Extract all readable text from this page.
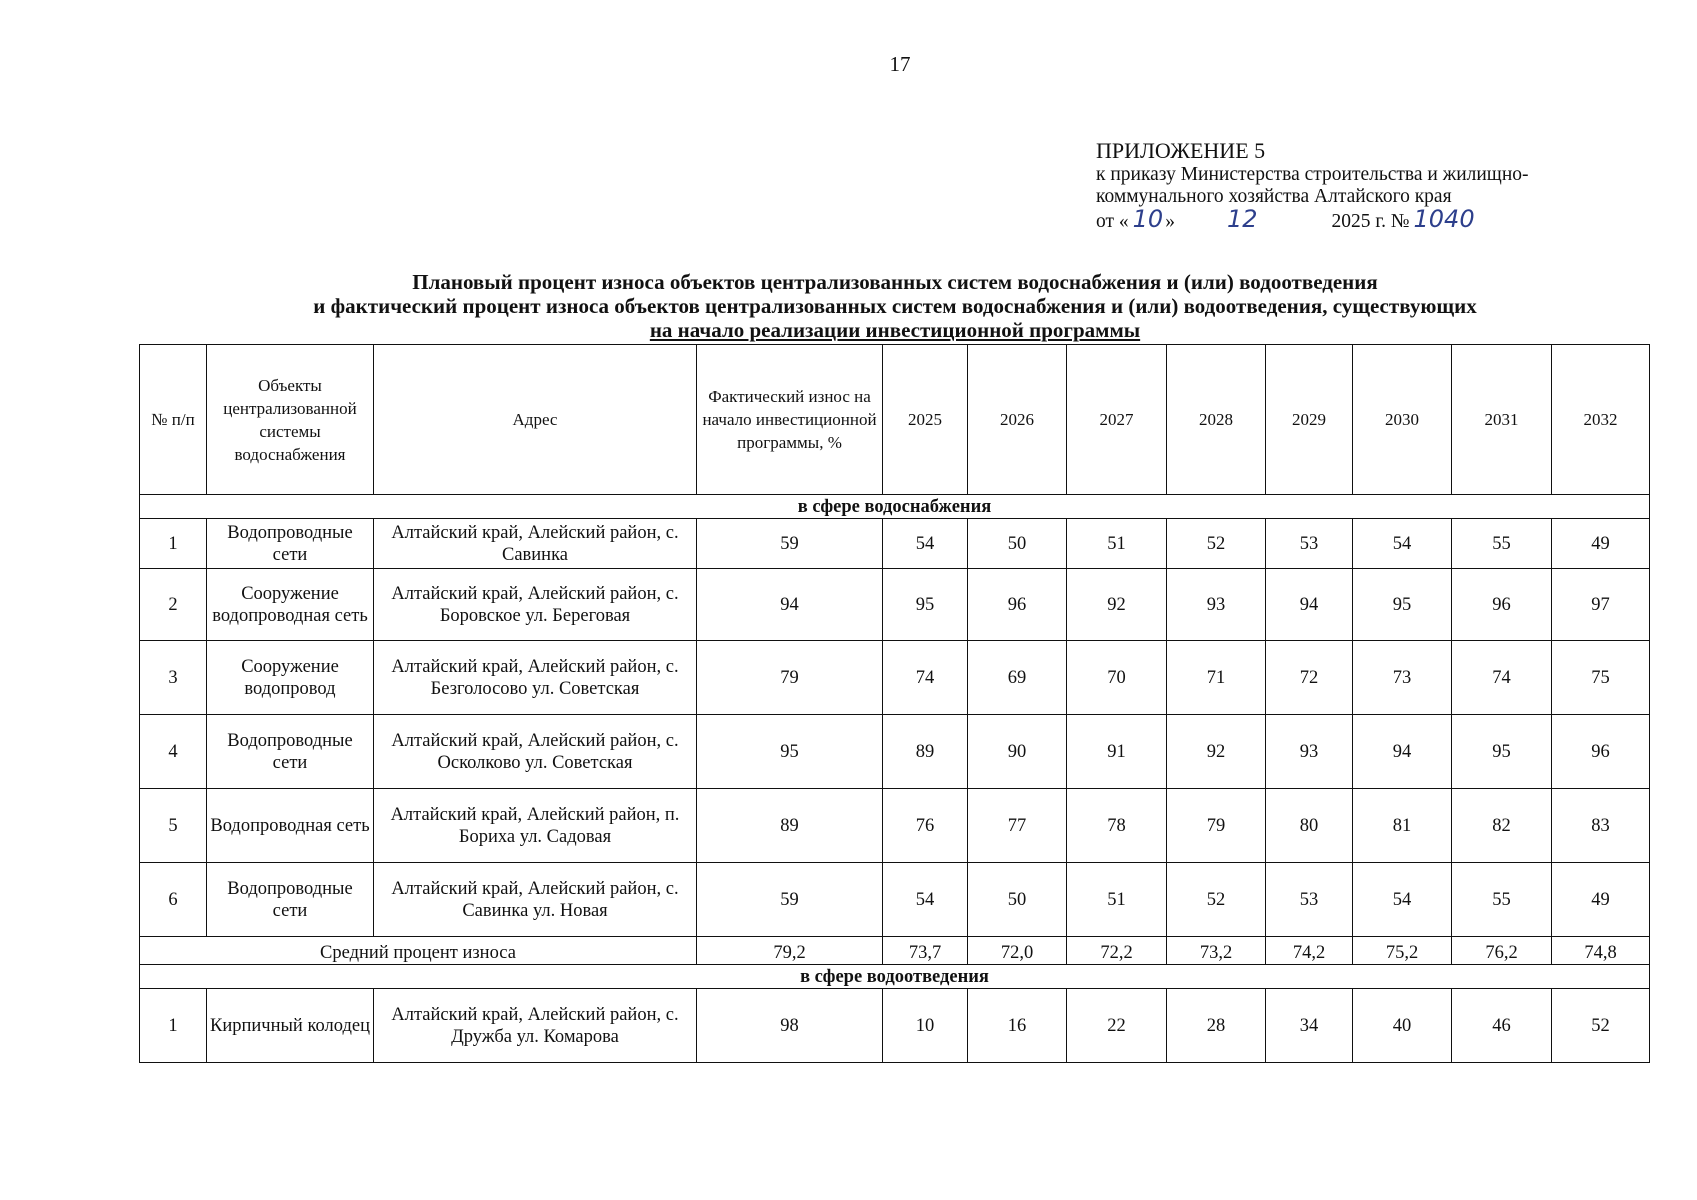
17
ПРИЛОЖЕНИЕ 5
к приказу Министерства строительства и жилищно-
коммунального хозяйства Алтайского края
от « 10 » 12	2025 г. № 1040
Плановый процент износа объектов централизованных систем водоснабжения и (или) водоотведения
и фактический процент износа объектов централизованных систем водоснабжения и (или) водоотведения, существующих
на начало реализации инвестиционной программы
№ п/п	Объекты централизованной системы водоснабжения	Адрес	Фактический износ на начало инвестиционной программы, %	2025	2026	2027	2028	2029	2030	2031	2032
в сфере водоснабжения											
1	Водопроводные сети	Алтайский край, Алейский район, с. Савинка	59	54	50	51	52	53	54	55	49
2	Сооружение водопроводная сеть	Алтайский край, Алейский район, с. Боровское ул. Береговая	94	95	96	92	93	94	95	96	97
3	Сооружение водопровод	Алтайский край, Алейский район, с. Безголосово ул. Советская	79	74	69	70	71	72	73	74	75
4	Водопроводные сети	Алтайский край, Алейский район, с. Осколково ул. Советская	95	89	90	91	92	93	94	95	96
5	Водопроводная сеть	Алтайский край, Алейский район, п. Бориха ул. Садовая	89	76	77	78	79	80	81	82	83
6	Водопроводные сети	Алтайский край, Алейский район, с. Савинка ул. Новая	59	54	50	51	52	53	54	55	49
Средний процент износа			79,2	73,7	72,0	72,2	73,2	74,2	75,2	76,2	74,8
в сфере водоотведения											
1	Кирпичный колодец	Алтайский край, Алейский район, с. Дружба ул. Комарова	98	10	16	22	28	34	40	46	52
